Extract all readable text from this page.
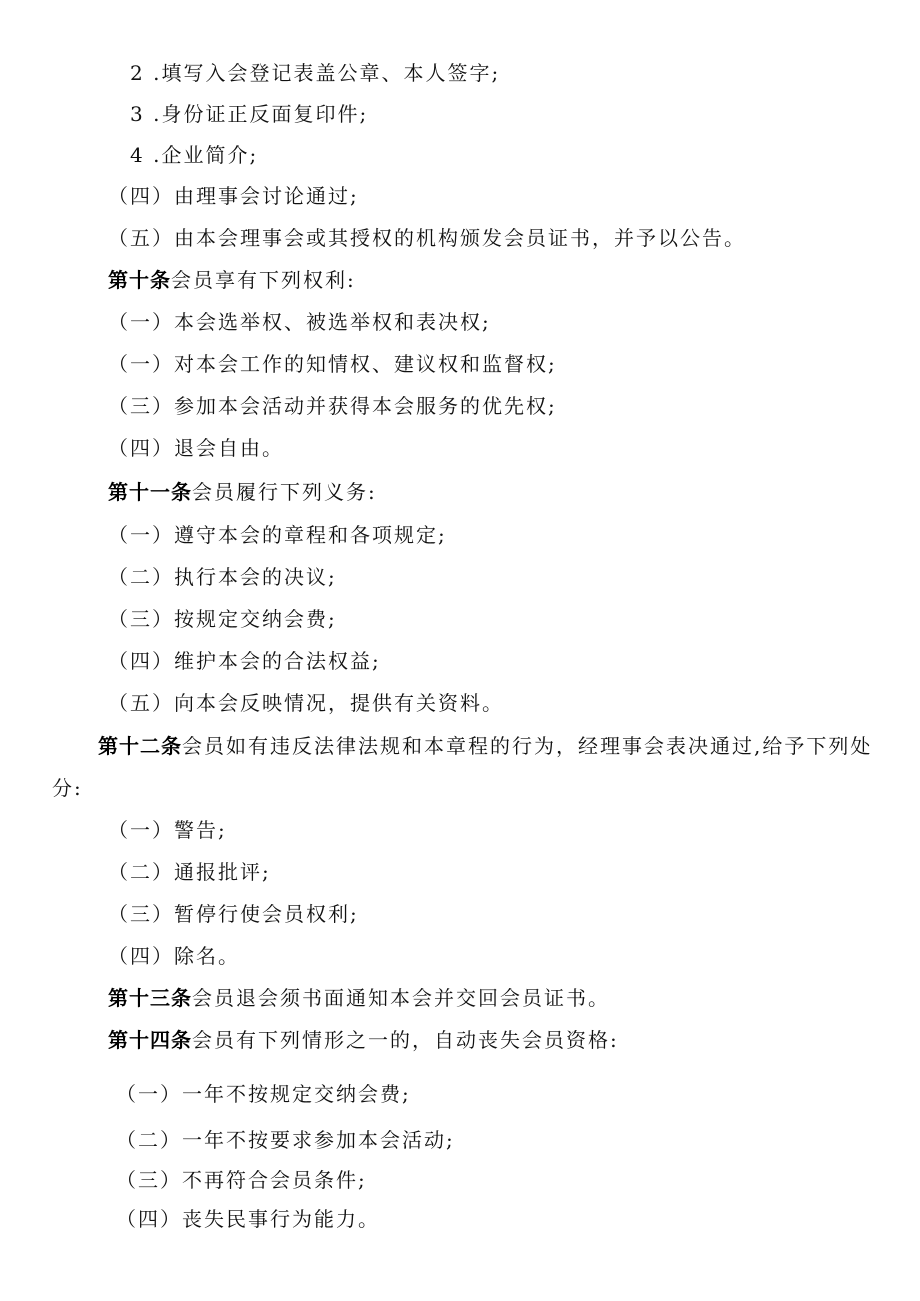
2 .填写入会登记表盖公章、本人签字;
3 .身份证正反面复印件;
4 .企业简介;
（四）由理事会讨论通过;
（五）由本会理事会或其授权的机构颁发会员证书，并予以公告。
第十条会员享有下列权利:
（一）本会选举权、被选举权和表决权;
（一）对本会工作的知情权、建议权和监督权;
（三）参加本会活动并获得本会服务的优先权;
（四）退会自由。
第十一条会员履行下列义务:
（一）遵守本会的章程和各项规定;
（二）执行本会的决议;
（三）按规定交纳会费;
（四）维护本会的合法权益;
（五）向本会反映情况，提供有关资料。
第十二条会员如有违反法律法规和本章程的行为，经理事会表决通过,给予下列处
分:
（一）警告;
（二）通报批评;
（三）暂停行使会员权利;
（四）除名。
第十三条会员退会须书面通知本会并交回会员证书。
第十四条会员有下列情形之一的，自动丧失会员资格:
（一）一年不按规定交纳会费;
（二）一年不按要求参加本会活动;
（三）不再符合会员条件;
（四）丧失民事行为能力。
